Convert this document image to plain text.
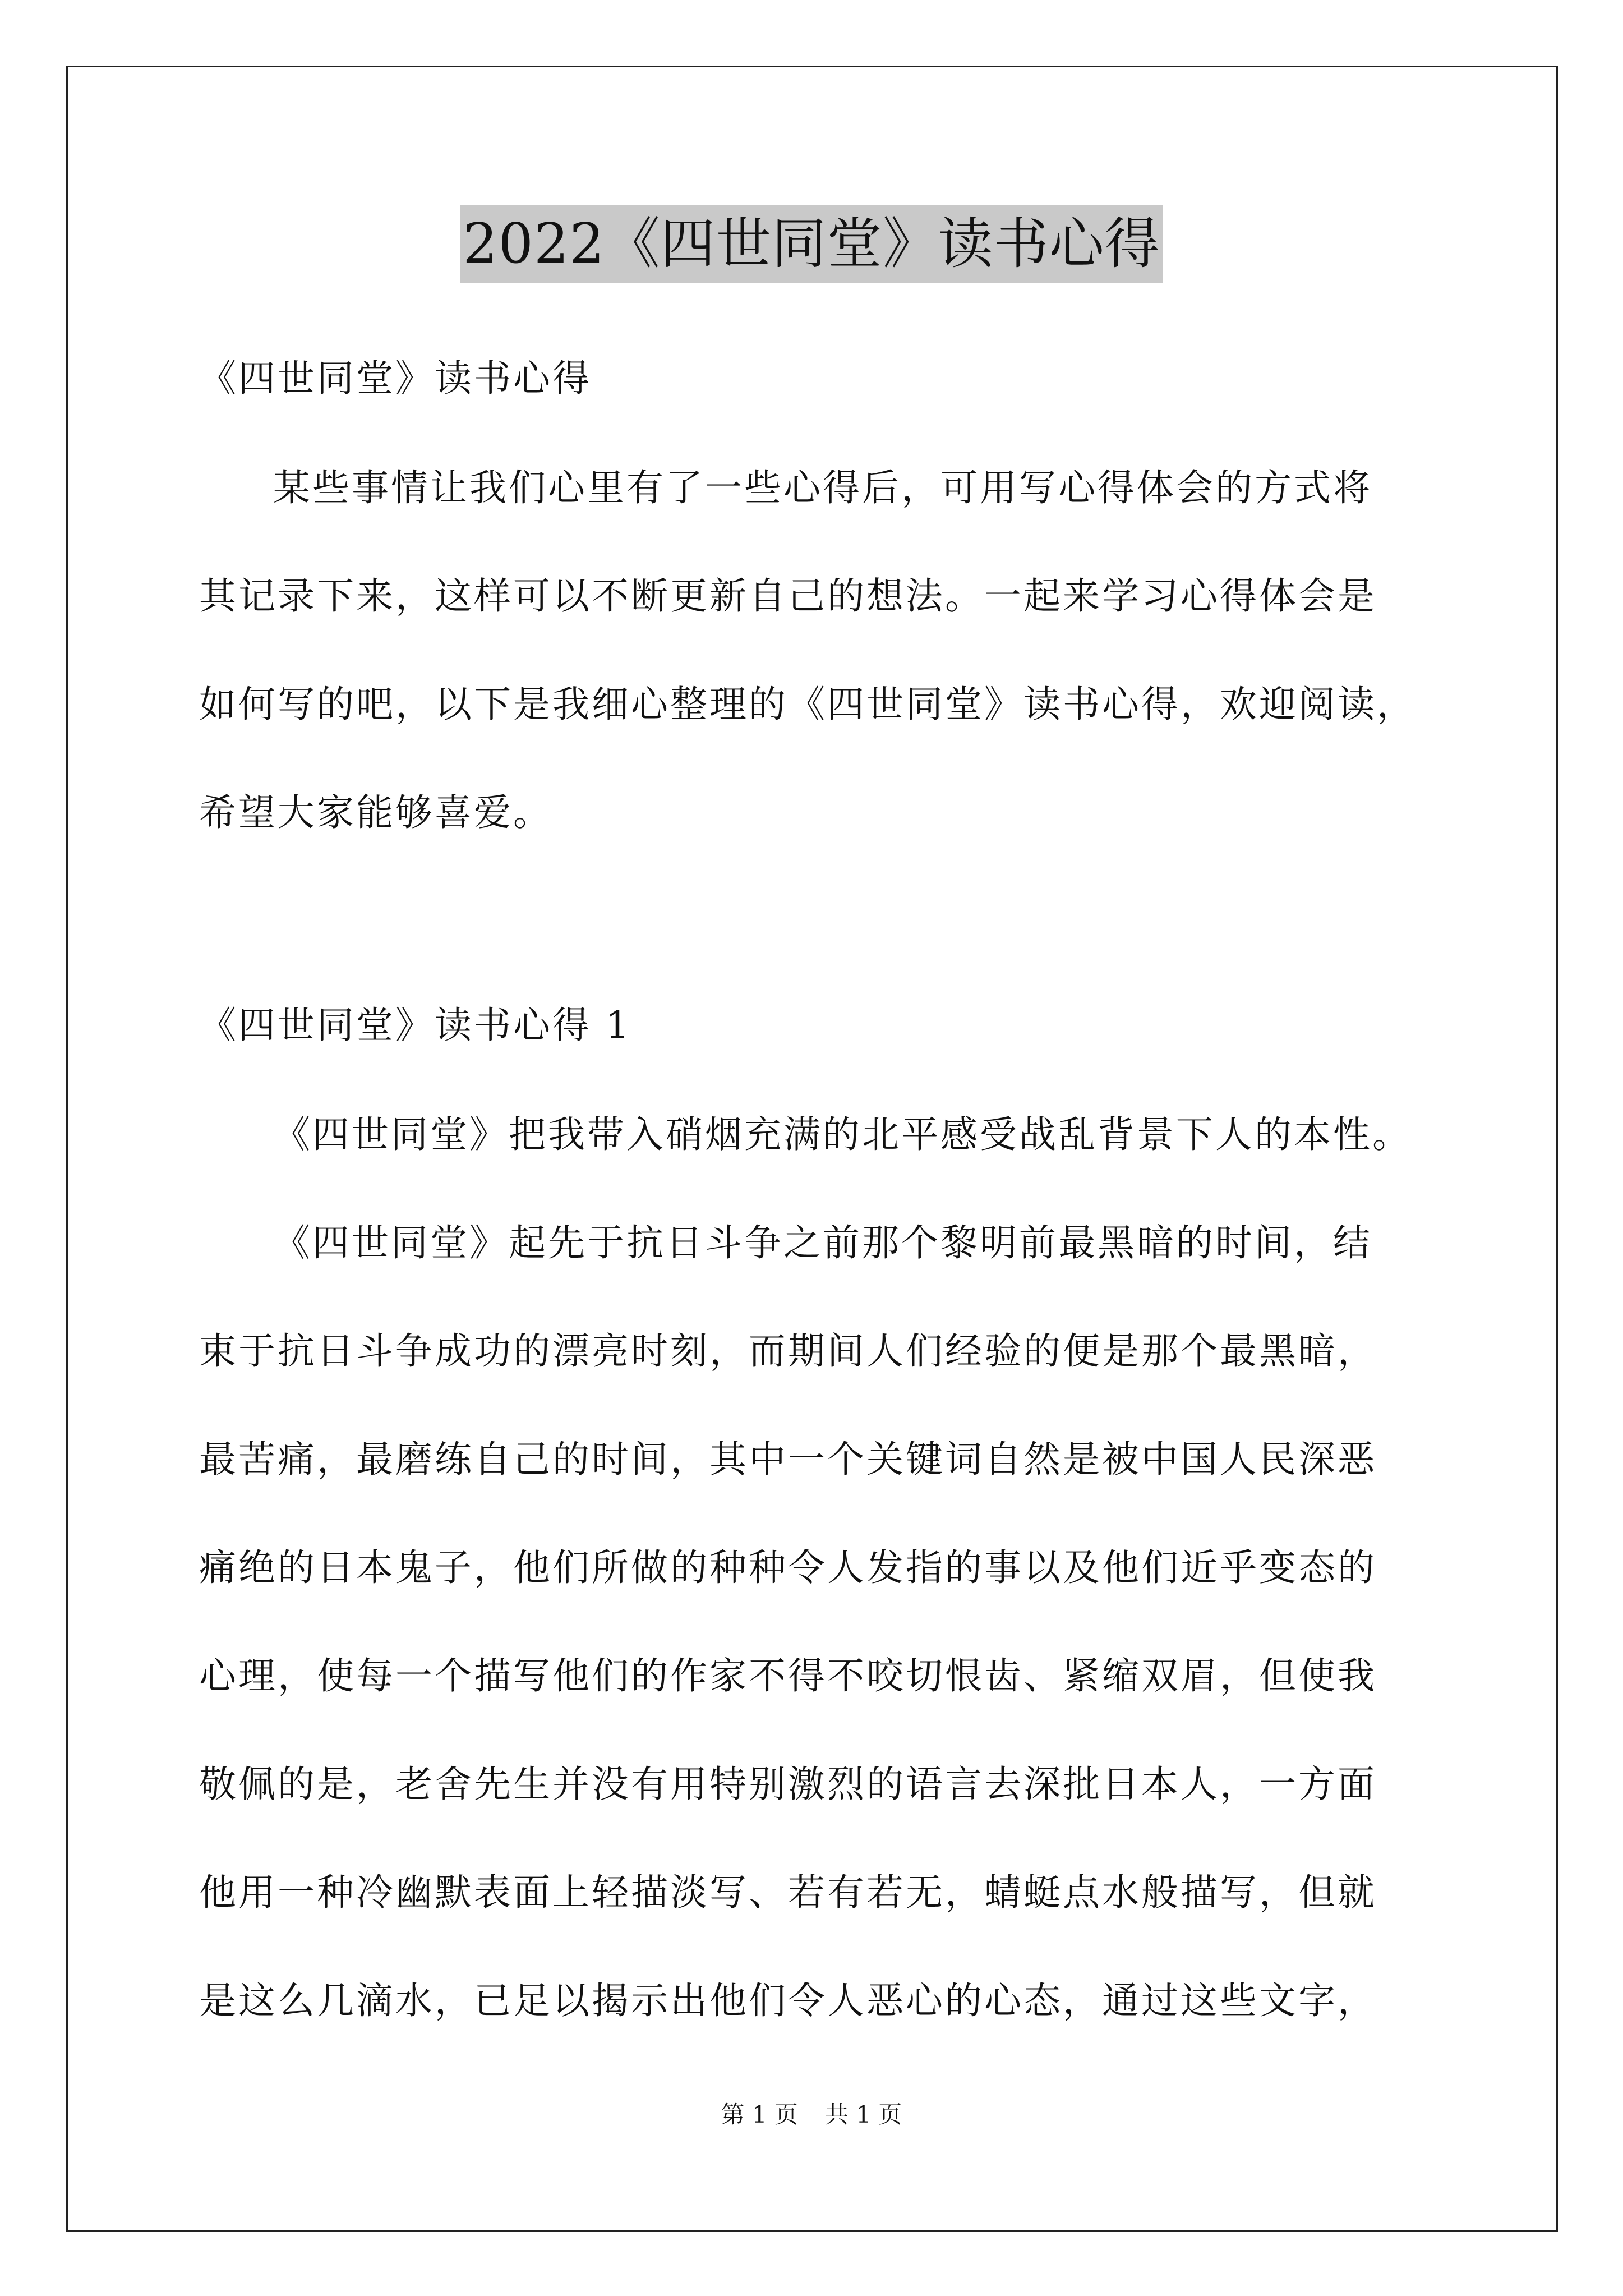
2022《四世同堂》读书心得
《四世同堂》读书心得
某些事情让我们心里有了一些心得后，可用写心得体会的方式将
其记录下来，这样可以不断更新自己的想法。一起来学习心得体会是
如何写的吧，以下是我细心整理的《四世同堂》读书心得，欢迎阅读，
希望大家能够喜爱。
《四世同堂》读书心得 1
《四世同堂》把我带入硝烟充满的北平感受战乱背景下人的本性。
《四世同堂》起先于抗日斗争之前那个黎明前最黑暗的时间，结
束于抗日斗争成功的漂亮时刻，而期间人们经验的便是那个最黑暗，
最苦痛，最磨练自己的时间，其中一个关键词自然是被中国人民深恶
痛绝的日本鬼子，他们所做的种种令人发指的事以及他们近乎变态的
心理，使每一个描写他们的作家不得不咬切恨齿、紧缩双眉，但使我
敬佩的是，老舍先生并没有用特别激烈的语言去深批日本人，一方面
他用一种冷幽默表面上轻描淡写、若有若无，蜻蜓点水般描写，但就
是这么几滴水，已足以揭示出他们令人恶心的心态，通过这些文字，
第 1 页 共 1 页
